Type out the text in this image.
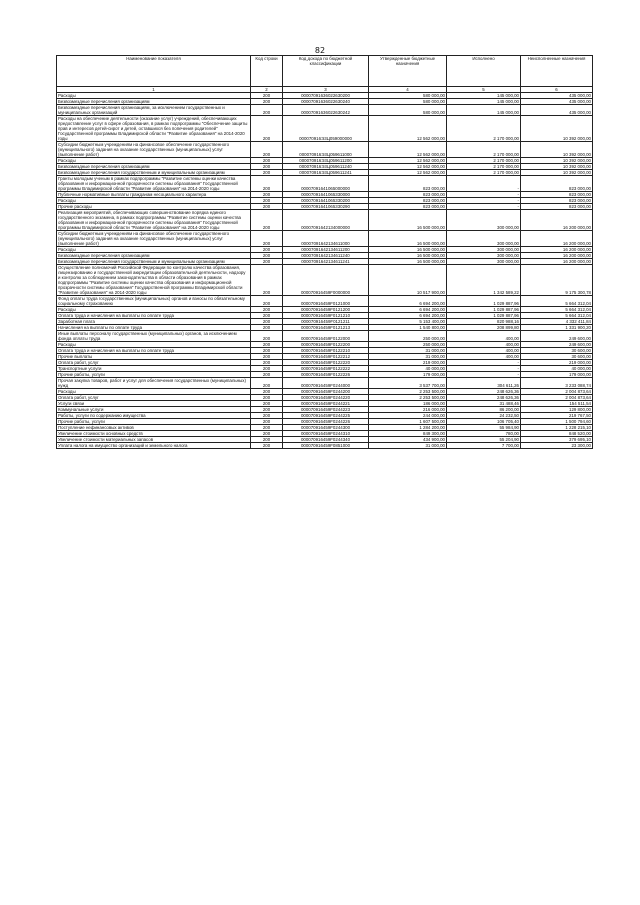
82
Наименование показателя	Код строки	Код дохода по бюджетной классификации	Утвержденные бюджетные назначения	Исполнено	Неисполненные назначения
1	2	3	4	5	6
Расходы	200	00007091636022630200	580 000,00	145 000,00	435 000,00
Безвозмездные перечисления организациям	200	00007091636022630240	580 000,00	145 000,00	435 000,00
Безвозмездные перечисления организациям, за исключением государственных и муниципальных организаций	200	00007091636022630242	580 000,00	145 000,00	435 000,00
Расходы на обеспечение деятельности (оказание услуг) учреждений, обеспечивающих предоставление услуг в сфере образования, в рамках подпрограммы "Обеспечение защиты прав и интересов детей-сирот и детей, оставшихся без попечения родителей" Государственной программы Владимирской области "Развитие образования" на 2014-2020 годы	200	000070916Э3Ц059000000	12 562 000,00	2 170 000,00	10 392 000,00
Субсидии бюджетным учреждениям на финансовое обеспечение государственного (муниципального) задания на оказание государственных (муниципальных) услуг (выполнение работ)	200	000070916Э3Ц059611000	12 562 000,00	2 170 000,00	10 392 000,00
Расходы	200	000070916Э3Ц059611200	12 562 000,00	2 170 000,00	10 392 000,00
Безвозмездные перечисления организациям	200	000070916Э3Ц059611240	12 562 000,00	2 170 000,00	10 392 000,00
Безвозмездные перечисления государственным и муниципальным организациям	200	000070916Э3Ц059611241	12 562 000,00	2 170 000,00	10 392 000,00
Гранты молодым ученым в рамках подпрограммы "Развитие системы оценки качества образования и информационной прозрачности системы образования" Государственной программы Владимирской области "Развитие образования" на 2014-2020 годы	200	00007091641065000000	823 000,00	-	823 000,00
Публичные нормативные выплаты гражданам несоциального характера	200	00007091641065330000	823 000,00	-	823 000,00
Расходы	200	00007091641065330200	823 000,00	-	823 000,00
Прочие расходы	200	00007091641065330290	823 000,00	-	823 000,00
Реализация мероприятий, обеспечивающих совершенствование порядка единого государственного экзамена, в рамках подпрограммы "Развитие системы оценки качества образования и информационной прозрачности системы образования" Государственной программы Владимирской области "Развитие образования" на 2014-2020 годы	200	00007091642134000000	16 500 000,00	300 000,00	16 200 000,00
Субсидии бюджетным учреждениям на финансовое обеспечение государственного (муниципального) задания на оказание государственных (муниципальных) услуг (выполнение работ)	200	00007091642134611000	16 500 000,00	300 000,00	16 200 000,00
Расходы	200	00007091642134611200	16 500 000,00	300 000,00	16 200 000,00
Безвозмездные перечисления организациям	200	00007091642134611240	16 500 000,00	300 000,00	16 200 000,00
Безвозмездные перечисления государственным и муниципальным организациям	200	00007091642134611241	16 500 000,00	300 000,00	16 200 000,00
Осуществление полномочий Российской Федерации по контролю качества образования, лицензированию и государственной аккредитации образовательной деятельности, надзору и контролю за соблюдением законодательства в области образования в рамках подпрограммы "Развитие системы оценки качества образования и информационной прозрачности системы образования" Государственной программы Владимирской области "Развитие образования" на 2014-2020 годы	200	000070916459F0000000	10 517 900,00	1 342 589,22	9 175 300,78
Фонд оплаты труда государственных (муниципальных) органов и взносы по обязательному социальному страхованию	200	000070916459F0121000	6 694 200,00	1 029 887,96	5 664 312,04
Расходы	200	000070916459F0121200	6 694 200,00	1 029 887,96	5 664 312,04
Оплата труда и начисления на выплаты по оплате труда	200	000070916459F0121210	6 694 200,00	1 029 887,96	5 664 312,04
Заработная плата	200	000070916459F0121211	5 153 400,00	820 988,16	4 332 411,84
Начисления на выплаты по оплате труда	200	000070916459F0121213	1 540 800,00	208 899,80	1 331 900,20
Иные выплаты персоналу государственных (муниципальных) органов, за исключением фонда оплаты труда	200	000070916459F0122000	250 000,00	400,00	249 600,00
Расходы	200	000070916459F0122200	250 000,00	400,00	249 600,00
Оплата труда и начисления на выплаты по оплате труда	200	000070916459F0122210	31 000,00	400,00	30 600,00
Прочие выплаты	200	000070916459F0122212	31 000,00	400,00	30 600,00
Оплата работ, услуг	200	000070916459F0122220	219 000,00	-	219 000,00
Транспортные услуги	200	000070916459F0122222	40 000,00	-	40 000,00
Прочие работы, услуги	200	000070916459F0122226	179 000,00	-	179 000,00
Прочая закупка товаров, работ и услуг для обеспечения государственных (муниципальных) нужд	200	000070916459F0244000	3 537 700,00	304 611,26	3 233 088,74
Расходы	200	000070916459F0244200	2 253 500,00	248 626,36	2 004 873,64
Оплата работ, услуг	200	000070916459F0244220	2 253 500,00	248 626,36	2 004 873,64
Услуги связи	200	000070916459F0244221	186 000,00	31 488,46	154 511,54
Коммунальные услуги	200	000070916459F0244223	216 000,00	86 200,00	129 800,00
Работы, услуги по содержанию имущества	200	000070916459F0244225	244 000,00	24 232,50	219 767,50
Прочие работы, услуги	200	000070916459F0244226	1 607 500,00	106 705,40	1 500 794,60
Поступление нефинансовых активов	200	000070916459F0244300	1 284 200,00	55 984,90	1 228 215,10
Увеличение стоимости основных средств	200	000070916459F0244310	849 300,00	780,00	848 520,00
Увеличение стоимости материальных запасов	200	000070916459F0244340	434 900,00	55 204,90	379 695,10
Уплата налога на имущество организаций и земельного налога	200	000070916459F0851000	31 000,00	7 700,00	23 300,00
